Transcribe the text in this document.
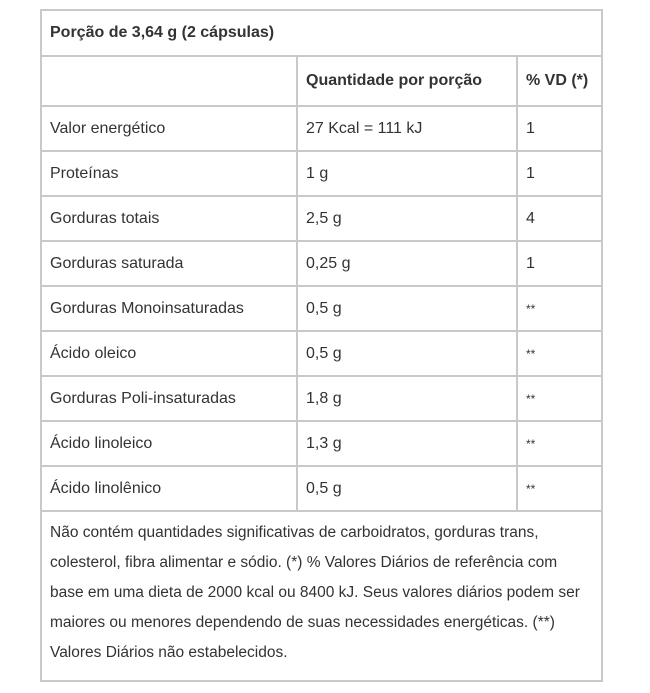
Porção de 3,64 g (2 cápsulas)		
	Quantidade por porção	% VD (*)
Valor energético	27 Kcal = 111 kJ	1
Proteínas	1 g	1
Gorduras totais	2,5 g	4
Gorduras saturada	0,25 g	1
Gorduras Monoinsaturadas	0,5 g	**
Ácido oleico	0,5 g	**
Gorduras Poli-insaturadas	1,8 g	**
Ácido linoleico	1,3 g	**
Ácido linolênico	0,5 g	**
Não contém quantidades significativas de carboidratos, gorduras trans, colesterol, fibra alimentar e sódio. (*) % Valores Diários de referência com base em uma dieta de 2000 kcal ou 8400 kJ. Seus valores diários podem ser maiores ou menores dependendo de suas necessidades energéticas. (**) Valores Diários não estabelecidos.		
